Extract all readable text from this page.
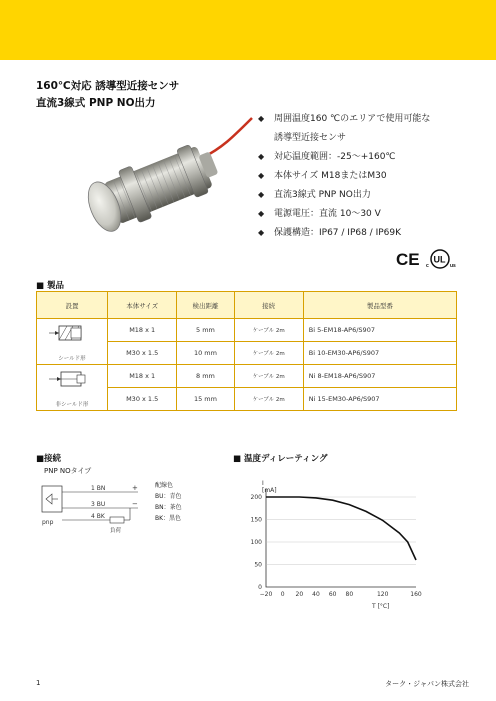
160℃対応 誘導型近接センサ
直流3線式 PNP NO出力
◆ 周囲温度160 ℃のエリアで使用可能な
誘導型近接センサ
◆ 対応温度範囲：-25〜+160℃
◆ 本体サイズ M18またはM30
◆ 直流3線式 PNP NO出力
◆ 電源電圧：直流 10〜30 V
◆ 保護構造：IP67 / IP68 / IP69K
CE c
UL
us
■ 製品
設置	本体サイズ	検出距離	接続	製品型番

シールド形	M18 x 1	5 mm	ケーブル 2m	Bi 5-EM18-AP6/S907
	M30 x 1.5	10 mm	ケーブル 2m	Bi 10-EM30-AP6/S907

非シールド形	M18 x 1	8 mm	ケーブル 2m	Ni 8-EM18-AP6/S907
	M30 x 1.5	15 mm	ケーブル 2m	Ni 15-EM30-AP6/S907
■接続
PNP NOタイプ
1 BN
3 BU
4 BK
+
−
負荷
pnp
配線色
BU：青色
BN：茶色
BK：黒色
■ 温度ディレーティング
0
50
100
150
200
−20 0 20 40 60 80	120	160
I
[mA]
T [°C]
1	ターク・ジャパン株式会社
